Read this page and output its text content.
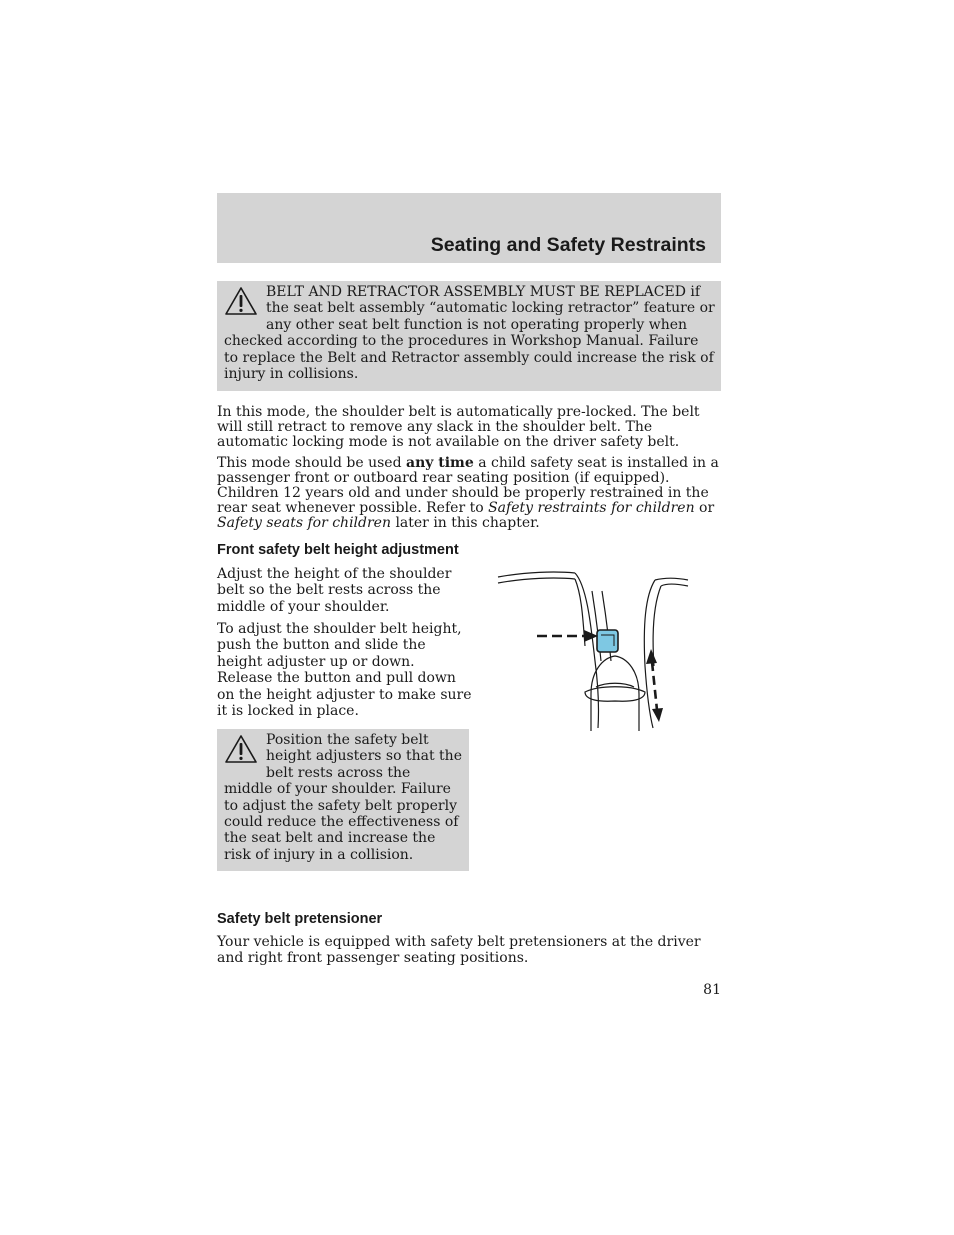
Seating and Safety Restraints

BELT AND RETRACTOR ASSEMBLY MUST BE REPLACED if the seat belt assembly “automatic locking retractor” feature or any other seat belt function is not operating properly when checked according to the procedures in Workshop Manual. Failure to replace the Belt and Retractor assembly could increase the risk of injury in collisions.

In this mode, the shoulder belt is automatically pre-locked. The belt will still retract to remove any slack in the shoulder belt. The automatic locking mode is not available on the driver safety belt.

This mode should be used any time a child safety seat is installed in a passenger front or outboard rear seating position (if equipped). Children 12 years old and under should be properly restrained in the rear seat whenever possible. Refer to Safety restraints for children or Safety seats for children later in this chapter.

Front safety belt height adjustment

Adjust the height of the shoulder belt so the belt rests across the middle of your shoulder.

To adjust the shoulder belt height, push the button and slide the height adjuster up or down. Release the button and pull down on the height adjuster to make sure it is locked in place.

Position the safety belt height adjusters so that the belt rests across the middle of your shoulder. Failure to adjust the safety belt properly could reduce the effectiveness of the seat belt and increase the risk of injury in a collision.

Safety belt pretensioner

Your vehicle is equipped with safety belt pretensioners at the driver and right front passenger seating positions.

81
